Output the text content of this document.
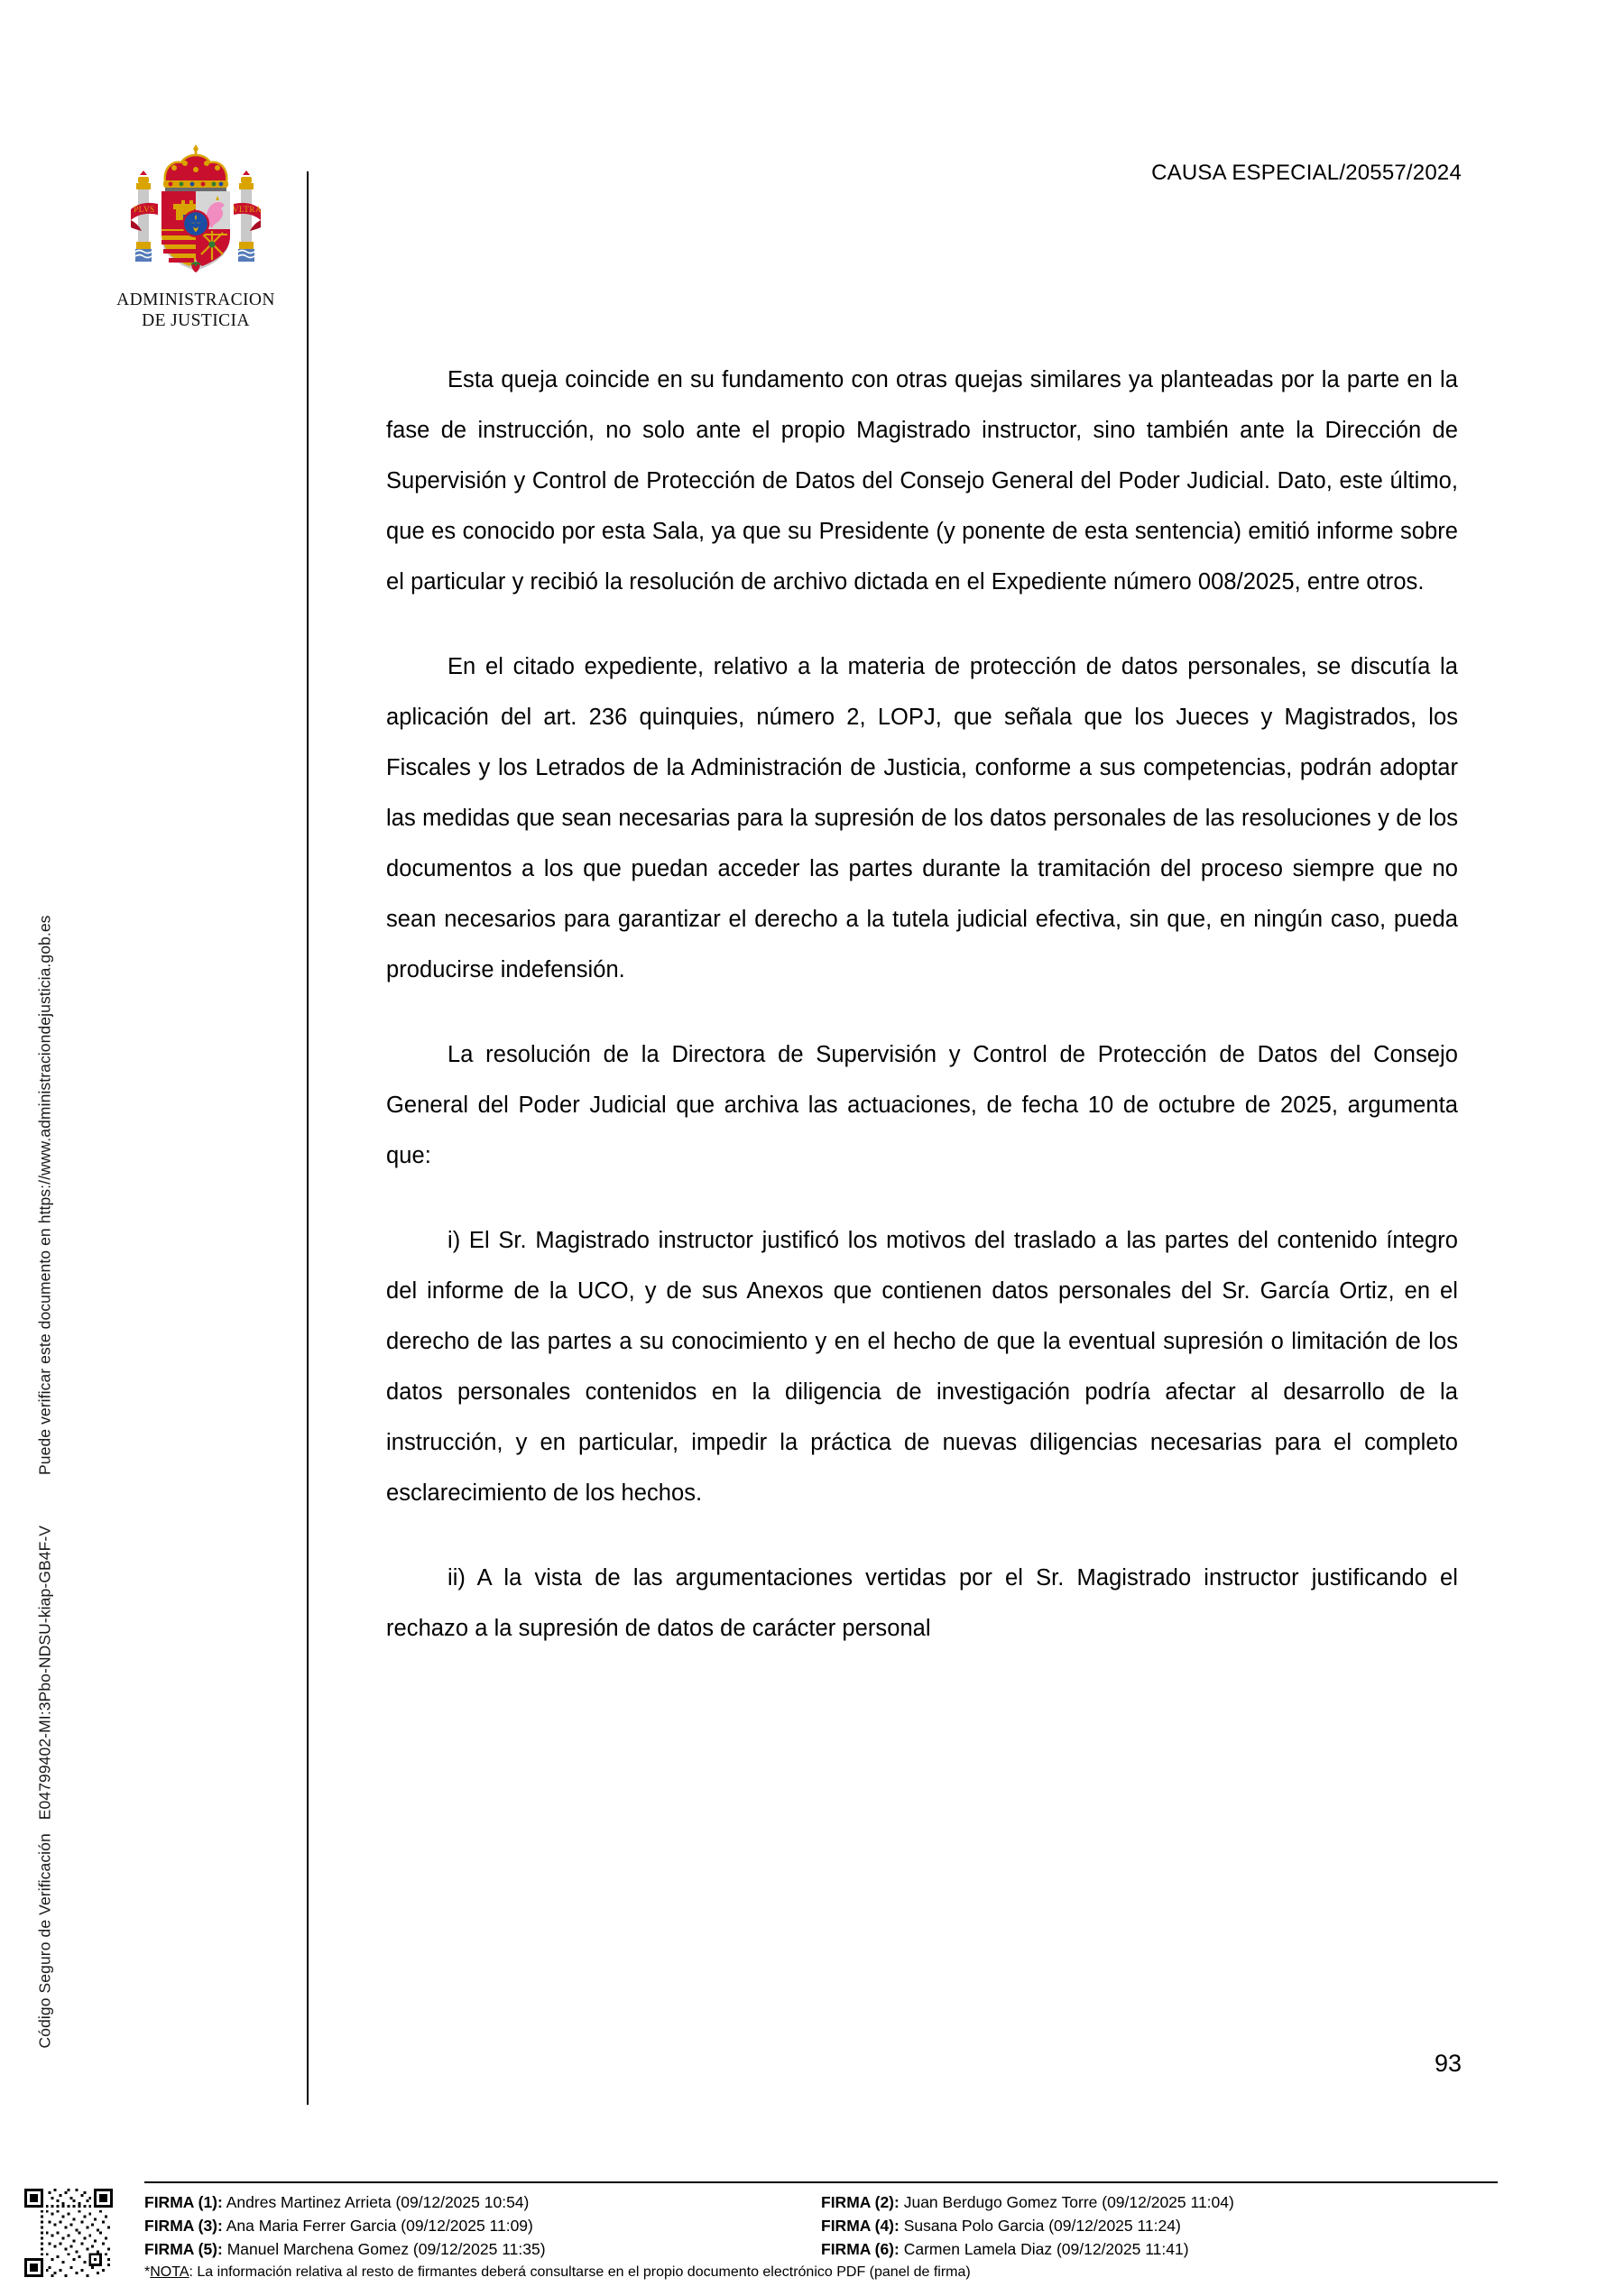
Código Seguro de Verificación   E04799402-MI:3Pbo-NDSU-kiap-GB4F-V  Puede verificar este documento en https://www.administraciondejusticia.gob.es
PLVS	VLTRA
ADMINISTRACION
DE JUSTICIA
CAUSA ESPECIAL/20557/2024

Esta queja coincide en su fundamento con otras quejas similares ya planteadas por la parte en la fase de instrucción, no solo ante el propio Magistrado instructor, sino también ante la Dirección de Supervisión y Control de Protección de Datos del Consejo General del Poder Judicial. Dato, este último, que es conocido por esta Sala, ya que su Presidente (y ponente de esta sentencia) emitió informe sobre el particular y recibió la resolución de archivo dictada en el Expediente número 008/2025, entre otros.

En el citado expediente, relativo a la materia de protección de datos personales, se discutía la aplicación del art. 236 quinquies, número 2, LOPJ, que señala que los Jueces y Magistrados, los Fiscales y los Letrados de la Administración de Justicia, conforme a sus competencias, podrán adoptar las medidas que sean necesarias para la supresión de los datos personales de las resoluciones y de los documentos a los que puedan acceder las partes durante la tramitación del proceso siempre que no sean necesarios para garantizar el derecho a la tutela judicial efectiva, sin que, en ningún caso, pueda producirse indefensión.

La resolución de la Directora de Supervisión y Control de Protección de Datos del Consejo General del Poder Judicial que archiva las actuaciones, de fecha 10 de octubre de 2025, argumenta que:

i) El Sr. Magistrado instructor justificó los motivos del traslado a las partes del contenido íntegro del informe de la UCO, y de sus Anexos que contienen datos personales del Sr. García Ortiz, en el derecho de las partes a su conocimiento y en el hecho de que la eventual supresión o limitación de los datos personales contenidos en la diligencia de investigación podría afectar al desarrollo de la instrucción, y en particular, impedir la práctica de nuevas diligencias necesarias para el completo esclarecimiento de los hechos.

ii) A la vista de las argumentaciones vertidas por el Sr. Magistrado instructor justificando el rechazo a la supresión de datos de carácter personal

93
FIRMA (1): Andres Martinez Arrieta (09/12/2025 10:54)
FIRMA (3): Ana Maria Ferrer Garcia (09/12/2025 11:09)
FIRMA (5): Manuel Marchena Gomez (09/12/2025 11:35)
FIRMA (2): Juan Berdugo Gomez Torre (09/12/2025 11:04)
FIRMA (4): Susana Polo Garcia (09/12/2025 11:24)
FIRMA (6): Carmen Lamela Diaz (09/12/2025 11:41)
*NOTA: La información relativa al resto de firmantes deberá consultarse en el propio documento electrónico PDF (panel de firma)
